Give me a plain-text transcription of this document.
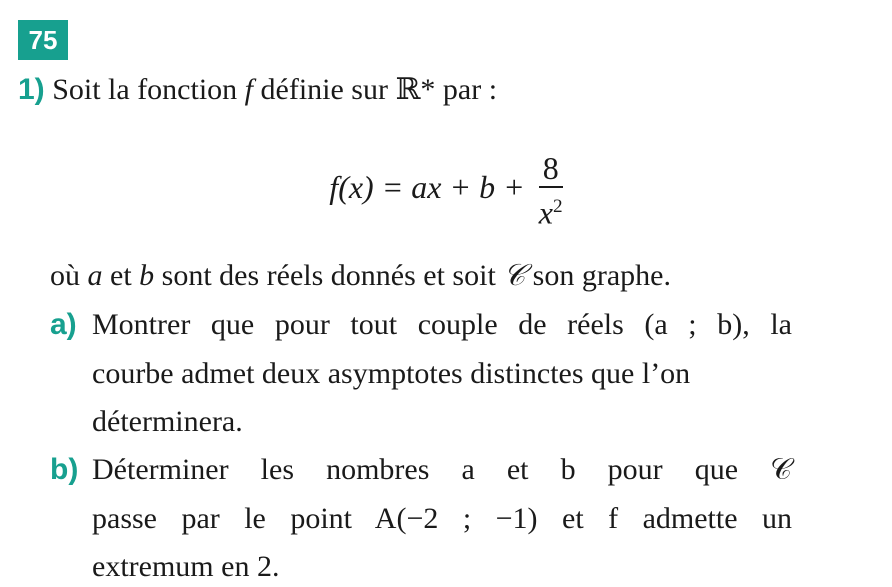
75
1) Soit la fonction f définie sur ℝ* par :
f(x) = ax + $b + \frac{8}{x^2}$
où a et b sont des réels donnés et soit 𝒞 son graphe.
a) Montrer que pour tout couple de réels (a ; b), la
courbe admet deux asymptotes distinctes que l’on
déterminera.
b) Déterminer les nombres a et b pour que 𝒞
passe par le point A(−2 ; −1) et f admette un
extremum en 2.
